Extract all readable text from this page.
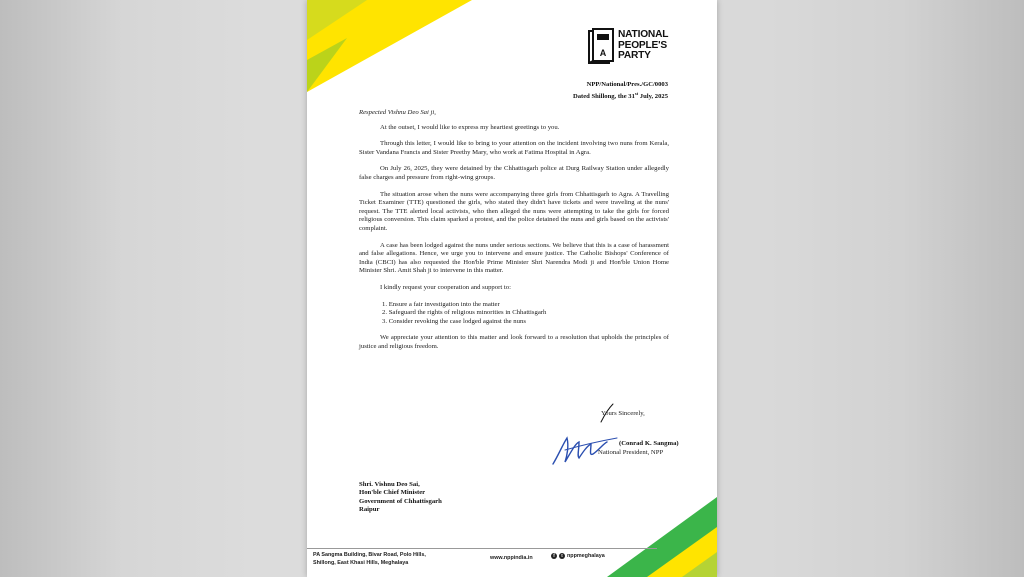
A
NATIONAL
PEOPLE'S
PARTY
NPP/National/Pres./GC/0003
Dated Shillong, the 31st July, 2025

Respected Vishnu Deo Sai ji,

At the outset, I would like to express my heartiest greetings to you.

Through this letter, I would like to bring to your attention on the incident involving two nuns from Kerala, Sister Vandana Francis and Sister Preethy Mary, who work at Fatima Hospital in Agra.

On July 26, 2025, they were detained by the Chhattisgarh police at Durg Railway Station under allegedly false charges and pressure from right-wing groups.

The situation arose when the nuns were accompanying three girls from Chhattisgarh to Agra. A Travelling Ticket Examiner (TTE) questioned the girls, who stated they didn't have tickets and were traveling at the nuns' request. The TTE alerted local activists, who then alleged the nuns were attempting to take the girls for forced religious conversion. This claim sparked a protest, and the police detained the nuns and girls based on the activists' complaint.

A case has been lodged against the nuns under serious sections. We believe that this is a case of harassment and false allegations. Hence, we urge you to intervene and ensure justice. The Catholic Bishops' Conference of India (CBCI) has also requested the Hon'ble Prime Minister Shri Narendra Modi ji and Hon'ble Union Home Minister Shri. Amit Shah ji to intervene in this matter.

I kindly request your cooperation and support to:

1. Ensure a fair investigation into the matter
2. Safeguard the rights of religious minorities in Chhattisgarh
3. Consider revoking the case lodged against the nuns

We appreciate your attention to this matter and look forward to a resolution that upholds the principles of justice and religious freedom.

Yours Sincerely,
(Conrad K. Sangma)
National President, NPP
Shri. Vishnu Deo Sai,
Hon'ble Chief Minister
Government of Chhattisgarh
Raipur
PA Sangma Building, Bivar Road, Polo Hills,
Shillong, East Khasi Hills, Meghalaya
www.nppindia.in	f	t nppmeghalaya
